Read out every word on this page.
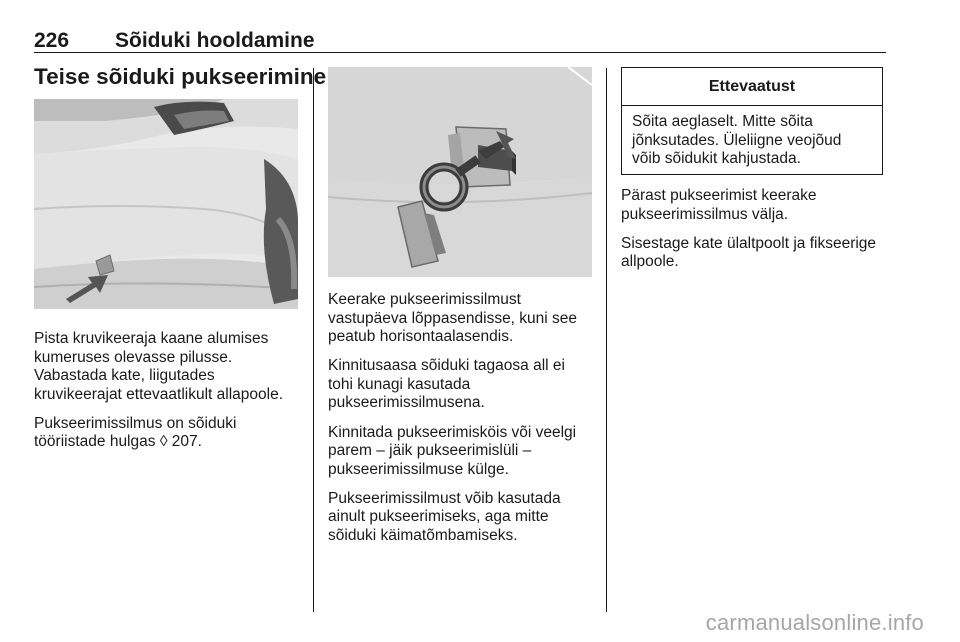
226 Sõiduki hooldamine
Teise sõiduki pukseerimine

Pista kruvikeeraja kaane alumises kumeruses olevasse pilusse. Vabastada kate, liigutades kruvikeerajat ettevaatlikult allapoole.

Pukseerimissilmus on sõiduki tööriistade hulgas ◊ 207.

Keerake pukseerimissilmust vastupäeva lõppasendisse, kuni see peatub horisontaalasendis.

Kinnitusaasa sõiduki tagaosa all ei tohi kunagi kasutada pukseerimissilmusena.

Kinnitada pukseerimisköis või veelgi parem – jäik pukseerimislüli – pukseerimissilmuse külge.

Pukseerimissilmust võib kasutada ainult pukseerimiseks, aga mitte sõiduki käimatõmbamiseks.

Ettevaatust
Sõita aeglaselt. Mitte sõita jõnksutades. Üleliigne veojõud võib sõidukit kahjustada.

Pärast pukseerimist keerake pukseerimissilmus välja.

Sisestage kate ülaltpoolt ja fikseerige allpoole.

carmanualsonline.info
